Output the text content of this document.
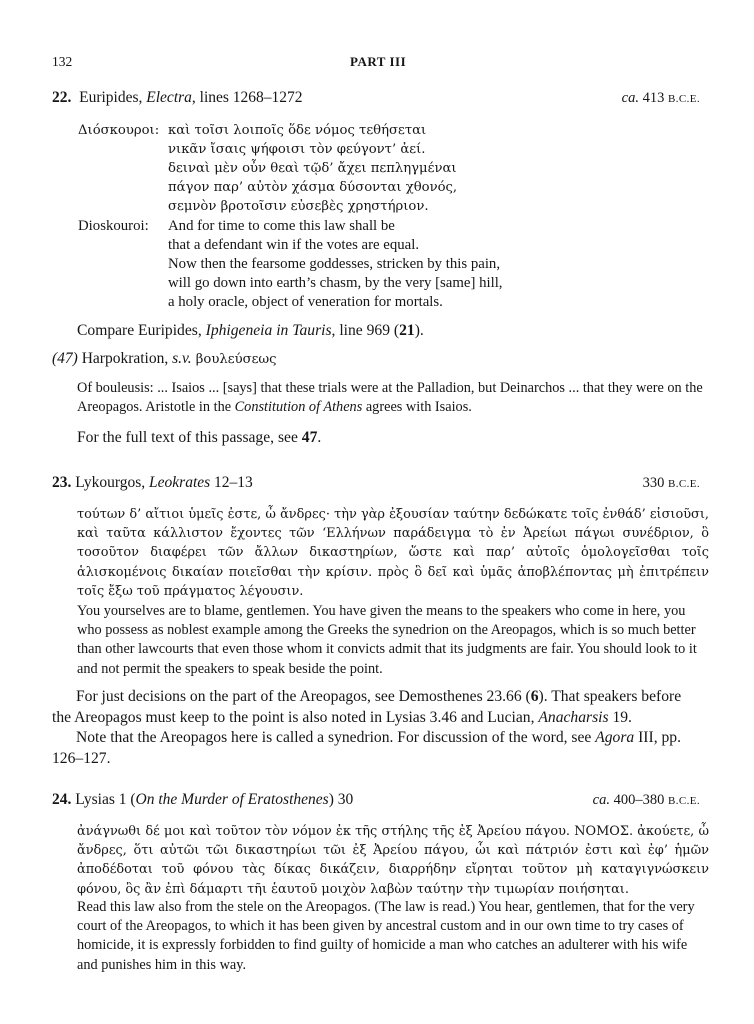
132	PART III
22. Euripides, Electra, lines 1268–1272	ca. 413 B.C.E.
Διόσκουροι: καὶ τοῖσι λοιποῖς ὅδε νόμος τεθήσεται
νικᾶν ἴσαις ψήφοισι τὸν φεύγοντ’ ἀεί.
δειναὶ μὲν οὖν θεαὶ τῷδ’ ἄχει πεπληγμέναι
πάγον παρ’ αὐτὸν χάσμα δύσονται χθονός,
σεμνὸν βροτοῖσιν εὐσεβὲς χρηστήριον.
Dioskouroi: And for time to come this law shall be
that a defendant win if the votes are equal.
Now then the fearsome goddesses, stricken by this pain,
will go down into earth’s chasm, by the very [same] hill,
a holy oracle, object of veneration for mortals.
Compare Euripides, Iphigeneia in Tauris, line 969 (21).
(47) Harpokration, s.v. βουλεύσεως
Of bouleusis: ... Isaios ... [says] that these trials were at the Palladion, but Deinarchos ... that they were on the Areopagos. Aristotle in the Constitution of Athens agrees with Isaios.
For the full text of this passage, see 47.
23. Lykourgos, Leokrates 12–13	330 B.C.E.
τούτων δ’ αἴτιοι ὑμεῖς ἐστε, ὦ ἄνδρες· τὴν γὰρ ἐξουσίαν ταύτην δεδώκατε τοῖς ἐνθάδ’ εἰσιοῦσι, καὶ ταῦτα κάλλιστον ἔχοντες τῶν ‘Ελλήνων παράδειγμα τὸ ἐν Ἀρείωι πάγωι συνέδριον, ὃ τοσοῦτον διαφέρει τῶν ἄλλων δικαστηρίων, ὥστε καὶ παρ’ αὐτοῖς ὁμολογεῖσθαι τοῖς ἁλισκομένοις δικαίαν ποιεῖσθαι τὴν κρίσιν. πρὸς ὃ δεῖ καὶ ὑμᾶς ἀποβλέποντας μὴ ἐπιτρέπειν τοῖς ἔξω τοῦ πράγματος λέγουσιν.
You yourselves are to blame, gentlemen. You have given the means to the speakers who come in here, you who possess as noblest example among the Greeks the synedrion on the Areopagos, which is so much better than other lawcourts that even those whom it convicts admit that its judgments are fair. You should look to it and not permit the speakers to speak beside the point.
For just decisions on the part of the Areopagos, see Demosthenes 23.66 (6). That speakers before the Areopagos must keep to the point is also noted in Lysias 3.46 and Lucian, Anacharsis 19.
Note that the Areopagos here is called a synedrion. For discussion of the word, see Agora III, pp. 126–127.
24. Lysias 1 (On the Murder of Eratosthenes) 30	ca. 400–380 B.C.E.
ἀνάγνωθι δέ μοι καὶ τοῦτον τὸν νόμον ἐκ τῆς στήλης τῆς ἐξ Ἀρείου πάγου. ΝΟΜΟΣ. ἀκούετε, ὦ ἄνδρες, ὅτι αὐτῶι τῶι δικαστηρίωι τῶι ἐξ Ἀρείου πάγου, ὧι καὶ πάτριόν ἐστι καὶ ἐφ’ ἡμῶν ἀποδέδοται τοῦ φόνου τὰς δίκας δικάζειν, διαρρήδην εἴρηται τοῦτον μὴ καταγιγνώσκειν φόνου, ὃς ἂν ἐπὶ δάμαρτι τῆι ἑαυτοῦ μοιχὸν λαβὼν ταύτην τὴν τιμωρίαν ποιήσηται.
Read this law also from the stele on the Areopagos. (The law is read.) You hear, gentlemen, that for the very court of the Areopagos, to which it has been given by ancestral custom and in our own time to try cases of homicide, it is expressly forbidden to find guilty of homicide a man who catches an adulterer with his wife and punishes him in this way.
